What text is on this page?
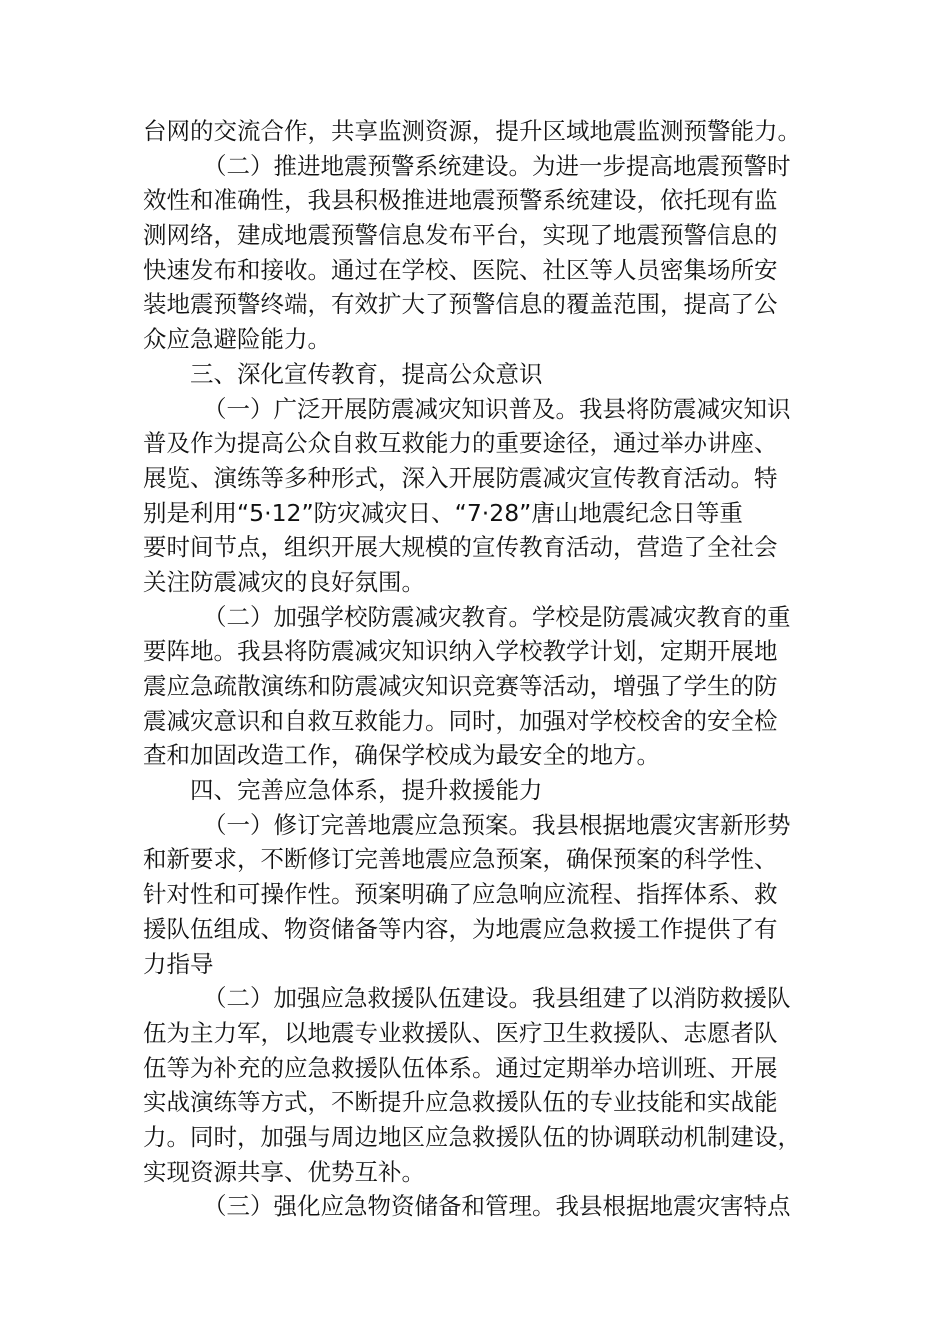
台网的交流合作，共享监测资源，提升区域地震监测预警能力。
（二）推进地震预警系统建设。为进一步提高地震预警时
效性和准确性，我县积极推进地震预警系统建设，依托现有监
测网络，建成地震预警信息发布平台，实现了地震预警信息的
快速发布和接收。通过在学校、医院、社区等人员密集场所安
装地震预警终端，有效扩大了预警信息的覆盖范围，提高了公
众应急避险能力。
三、深化宣传教育，提高公众意识
（一）广泛开展防震减灾知识普及。我县将防震减灾知识
普及作为提高公众自救互救能力的重要途径，通过举办讲座、
展览、演练等多种形式，深入开展防震减灾宣传教育活动。特
别是利用“5·12”防灾减灾日、“7·28”唐山地震纪念日等重
要时间节点，组织开展大规模的宣传教育活动，营造了全社会
关注防震减灾的良好氛围。
（二）加强学校防震减灾教育。学校是防震减灾教育的重
要阵地。我县将防震减灾知识纳入学校教学计划，定期开展地
震应急疏散演练和防震减灾知识竞赛等活动，增强了学生的防
震减灾意识和自救互救能力。同时，加强对学校校舍的安全检
查和加固改造工作，确保学校成为最安全的地方。
四、完善应急体系，提升救援能力
（一）修订完善地震应急预案。我县根据地震灾害新形势
和新要求，不断修订完善地震应急预案，确保预案的科学性、
针对性和可操作性。预案明确了应急响应流程、指挥体系、救
援队伍组成、物资储备等内容，为地震应急救援工作提供了有
力指导
（二）加强应急救援队伍建设。我县组建了以消防救援队
伍为主力军，以地震专业救援队、医疗卫生救援队、志愿者队
伍等为补充的应急救援队伍体系。通过定期举办培训班、开展
实战演练等方式，不断提升应急救援队伍的专业技能和实战能
力。同时，加强与周边地区应急救援队伍的协调联动机制建设，
实现资源共享、优势互补。
（三）强化应急物资储备和管理。我县根据地震灾害特点
